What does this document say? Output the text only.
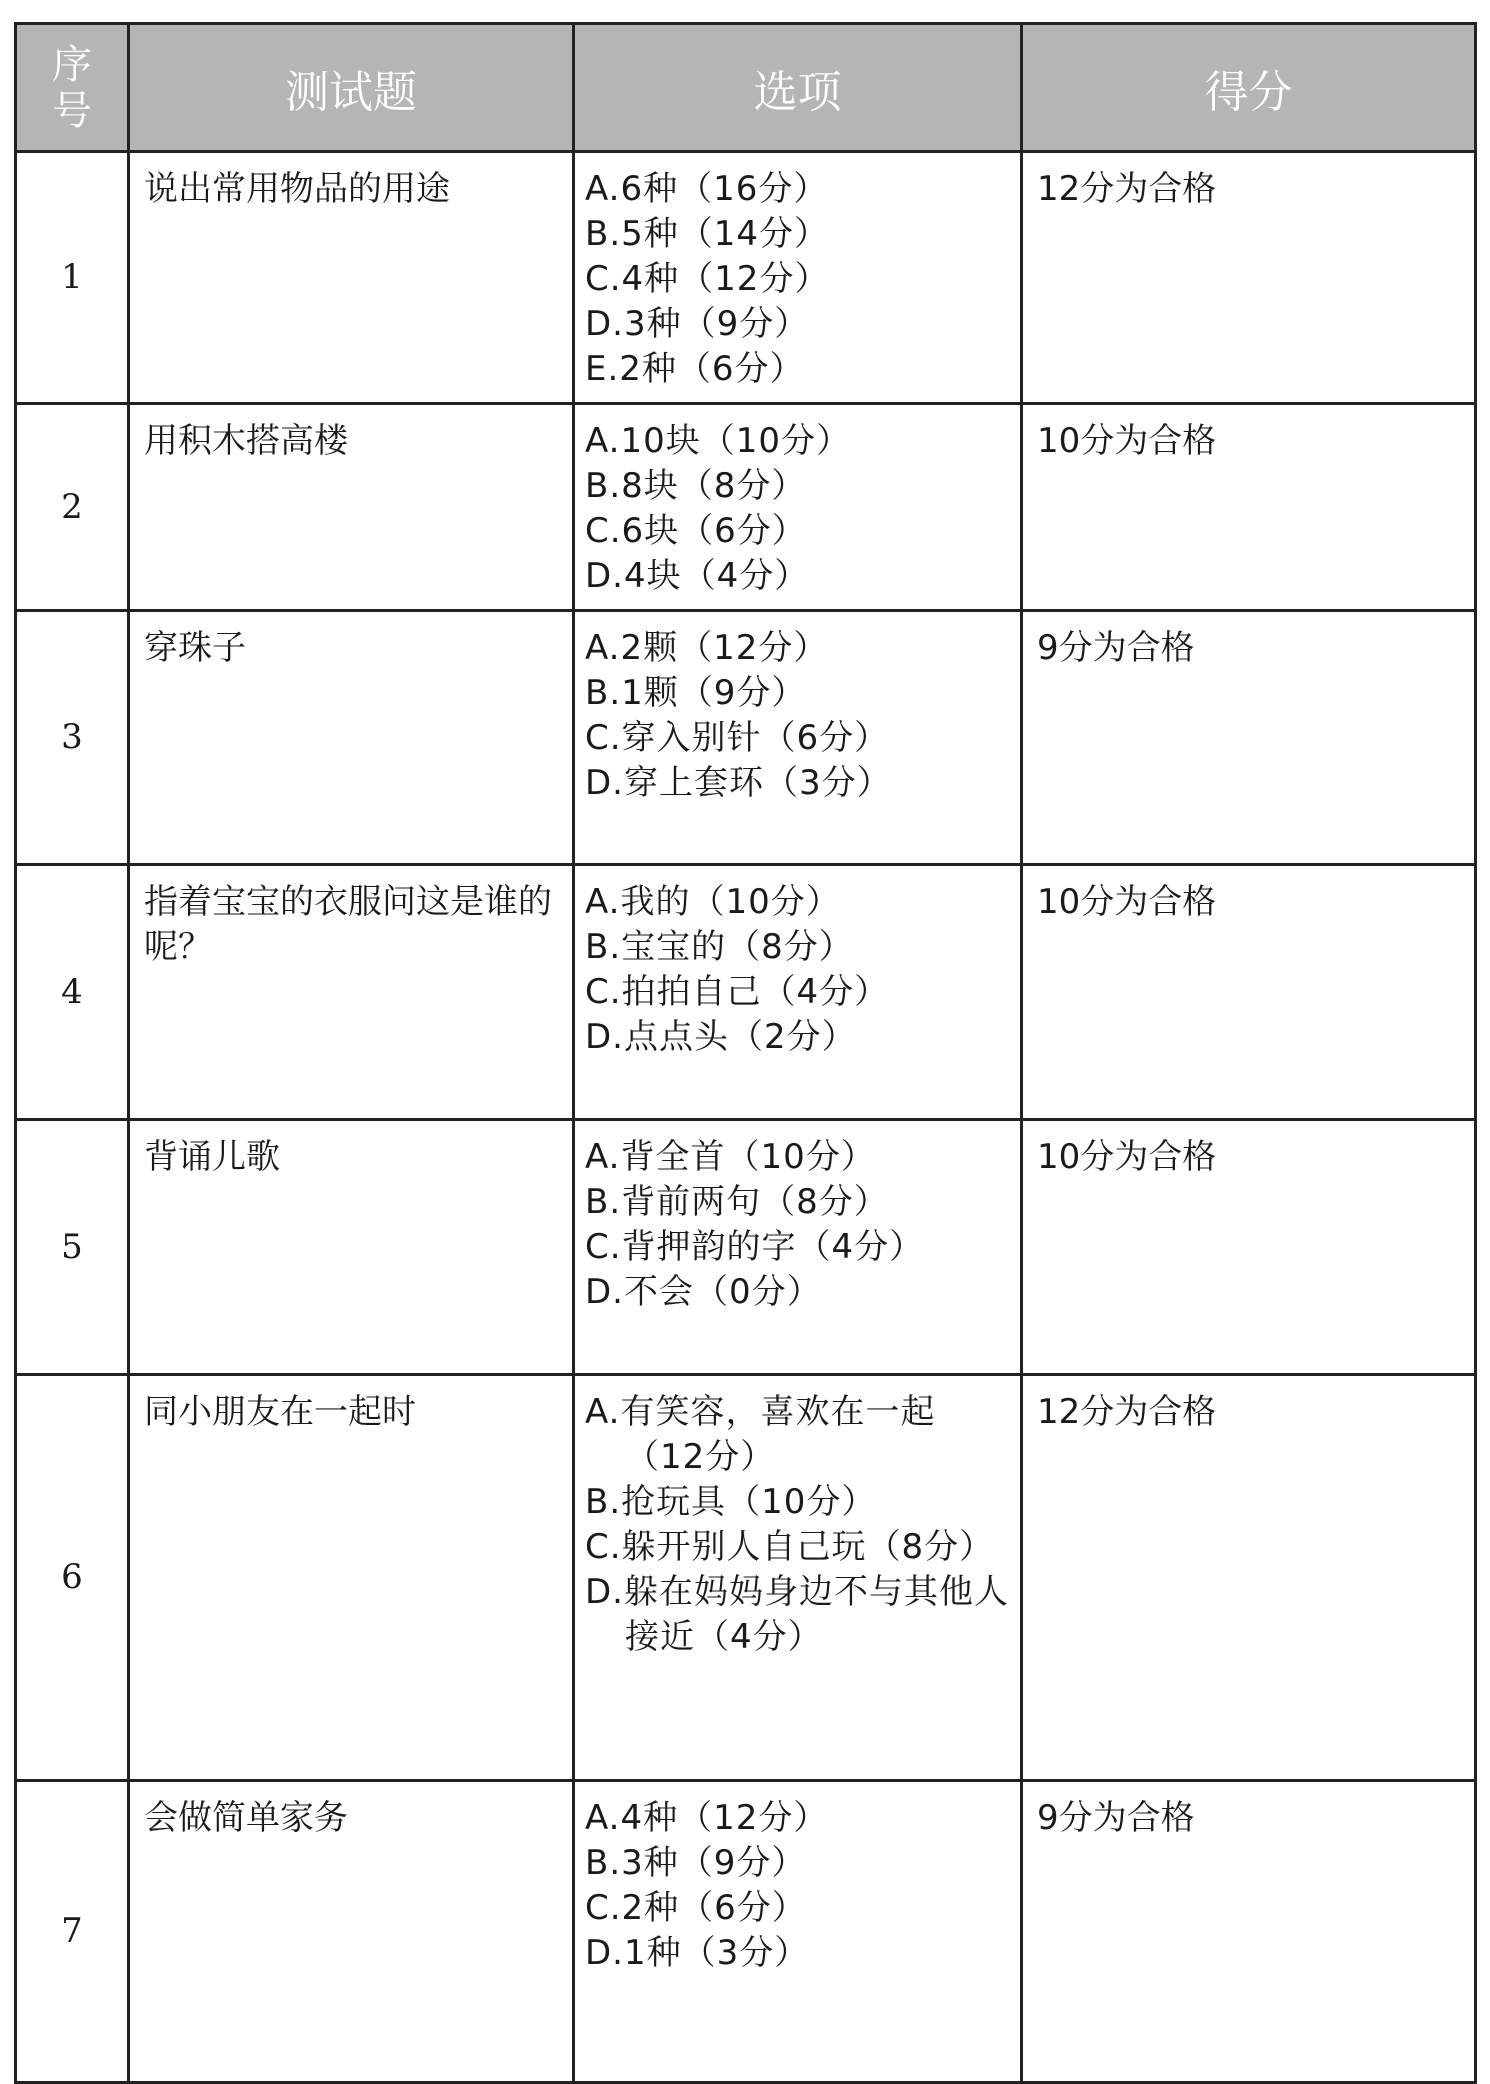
序号	测试题	选项	得分
1	说出常用物品的用途	A.6种（16分）
B.5种（14分）
C.4种（12分）
D.3种（9分）
E.2种（6分）	12分为合格
2	用积木搭高楼	A.10块（10分）
B.8块（8分）
C.6块（6分）
D.4块（4分）	10分为合格
3	穿珠子	A.2颗（12分）
B.1颗（9分）
C.穿入别针（6分）
D.穿上套环（3分）	9分为合格
4	指着宝宝的衣服问这是谁的呢？	A.我的（10分）
B.宝宝的（8分）
C.拍拍自己（4分）
D.点点头（2分）	10分为合格
5	背诵儿歌	A.背全首（10分）
B.背前两句（8分）
C.背押韵的字（4分）
D.不会（0分）	10分为合格
6	同小朋友在一起时	A.有笑容，喜欢在一起（12分）
B.抢玩具（10分）
C.躲开别人自己玩（8分）
D.躲在妈妈身边不与其他人接近（4分）	12分为合格
7	会做简单家务	A.4种（12分）
B.3种（9分）
C.2种（6分）
D.1种（3分）	9分为合格
